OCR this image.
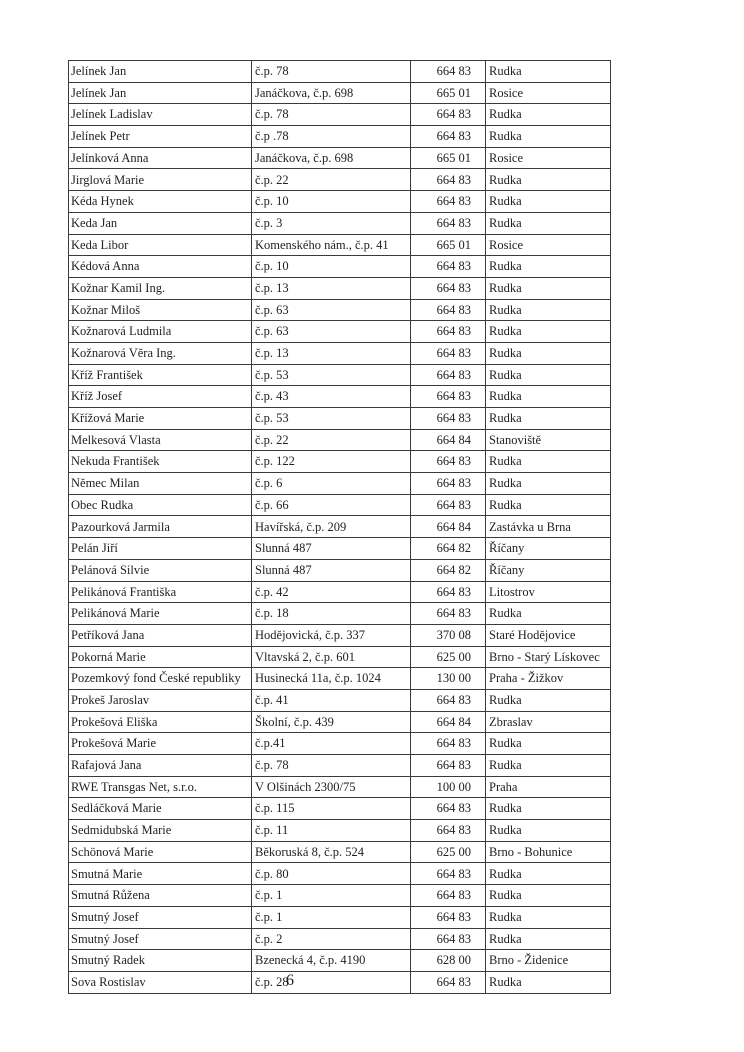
Jelínek Jan	č.p. 78	664 83	Rudka
Jelínek Jan	Janáčkova, č.p. 698	665 01	Rosice
Jelínek Ladislav	č.p. 78	664 83	Rudka
Jelínek Petr	č.p .78	664 83	Rudka
Jelínková Anna	Janáčkova, č.p. 698	665 01	Rosice
Jirglová Marie	č.p. 22	664 83	Rudka
Kéda Hynek	č.p. 10	664 83	Rudka
Keda Jan	č.p. 3	664 83	Rudka
Keda Libor	Komenského nám., č.p. 41	665 01	Rosice
Kédová Anna	č.p. 10	664 83	Rudka
Kožnar Kamil Ing.	č.p. 13	664 83	Rudka
Kožnar Miloš	č.p. 63	664 83	Rudka
Kožnarová Ludmila	č.p. 63	664 83	Rudka
Kožnarová Věra Ing.	č.p. 13	664 83	Rudka
Kříž František	č.p. 53	664 83	Rudka
Kříž Josef	č.p. 43	664 83	Rudka
Křížová Marie	č.p. 53	664 83	Rudka
Melkesová Vlasta	č.p. 22	664 84	Stanoviště
Nekuda František	č.p. 122	664 83	Rudka
Němec Milan	č.p. 6	664 83	Rudka
Obec Rudka	č.p. 66	664 83	Rudka
Pazourková Jarmila	Havířská, č.p. 209	664 84	Zastávka u Brna
Pelán Jiří	Slunná 487	664 82	Říčany
Pelánová Silvie	Slunná 487	664 82	Říčany
Pelikánová Františka	č.p. 42	664 83	Litostrov
Pelikánová Marie	č.p. 18	664 83	Rudka
Petříková Jana	Hodějovická, č.p. 337	370 08	Staré Hodějovice
Pokorná Marie	Vltavská 2, č.p. 601	625 00	Brno - Starý Lískovec
Pozemkový fond České republiky	Husinecká 11a, č.p. 1024	130 00	Praha - Žižkov
Prokeš Jaroslav	č.p. 41	664 83	Rudka
Prokešová Eliška	Školní, č.p. 439	664 84	Zbraslav
Prokešová Marie	č.p.41	664 83	Rudka
Rafajová Jana	č.p. 78	664 83	Rudka
RWE Transgas Net, s.r.o.	V Olšinách 2300/75	100 00	Praha
Sedláčková Marie	č.p. 115	664 83	Rudka
Sedmidubská Marie	č.p. 11	664 83	Rudka
Schönová Marie	Běkoruská 8, č.p. 524	625 00	Brno - Bohunice
Smutná Marie	č.p. 80	664 83	Rudka
Smutná Růžena	č.p. 1	664 83	Rudka
Smutný Josef	č.p. 1	664 83	Rudka
Smutný Josef	č.p. 2	664 83	Rudka
Smutný Radek	Bzenecká 4, č.p. 4190	628 00	Brno - Židenice
Sova Rostislav	č.p. 28	664 83	Rudka
6
